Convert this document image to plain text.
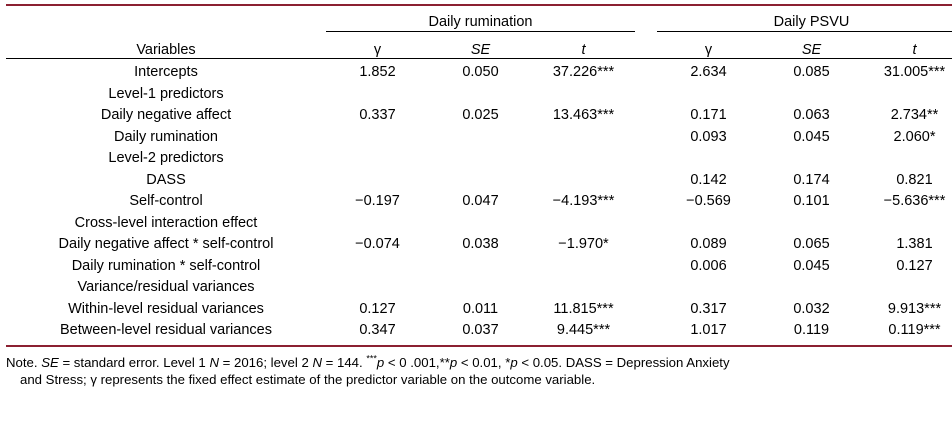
	Daily rumination				Daily PSVU		
Variables	γ	SE	t		γ	SE	t
Intercepts	1.852	0.050	37.226***		2.634	0.085	31.005***
Level-1 predictors							
Daily negative affect	0.337	0.025	13.463***		0.171	0.063	2.734**
Daily rumination					0.093	0.045	2.060*
Level-2 predictors							
DASS					0.142	0.174	0.821
Self-control	−0.197	0.047	−4.193***		−0.569	0.101	−5.636***
Cross-level interaction effect							
Daily negative affect * self-control	−0.074	0.038	−1.970*		0.089	0.065	1.381
Daily rumination * self-control					0.006	0.045	0.127
Variance/residual variances							
Within-level residual variances	0.127	0.011	11.815***		0.317	0.032	9.913***
Between-level residual variances	0.347	0.037	9.445***		1.017	0.119	0.119***
Note. SE = standard error. Level 1 N = 2016; level 2 N = 144. ***p < 0 .001,**p < 0.01, *p < 0.05. DASS = Depression Anxiety
and Stress; γ represents the fixed effect estimate of the predictor variable on the outcome variable.
